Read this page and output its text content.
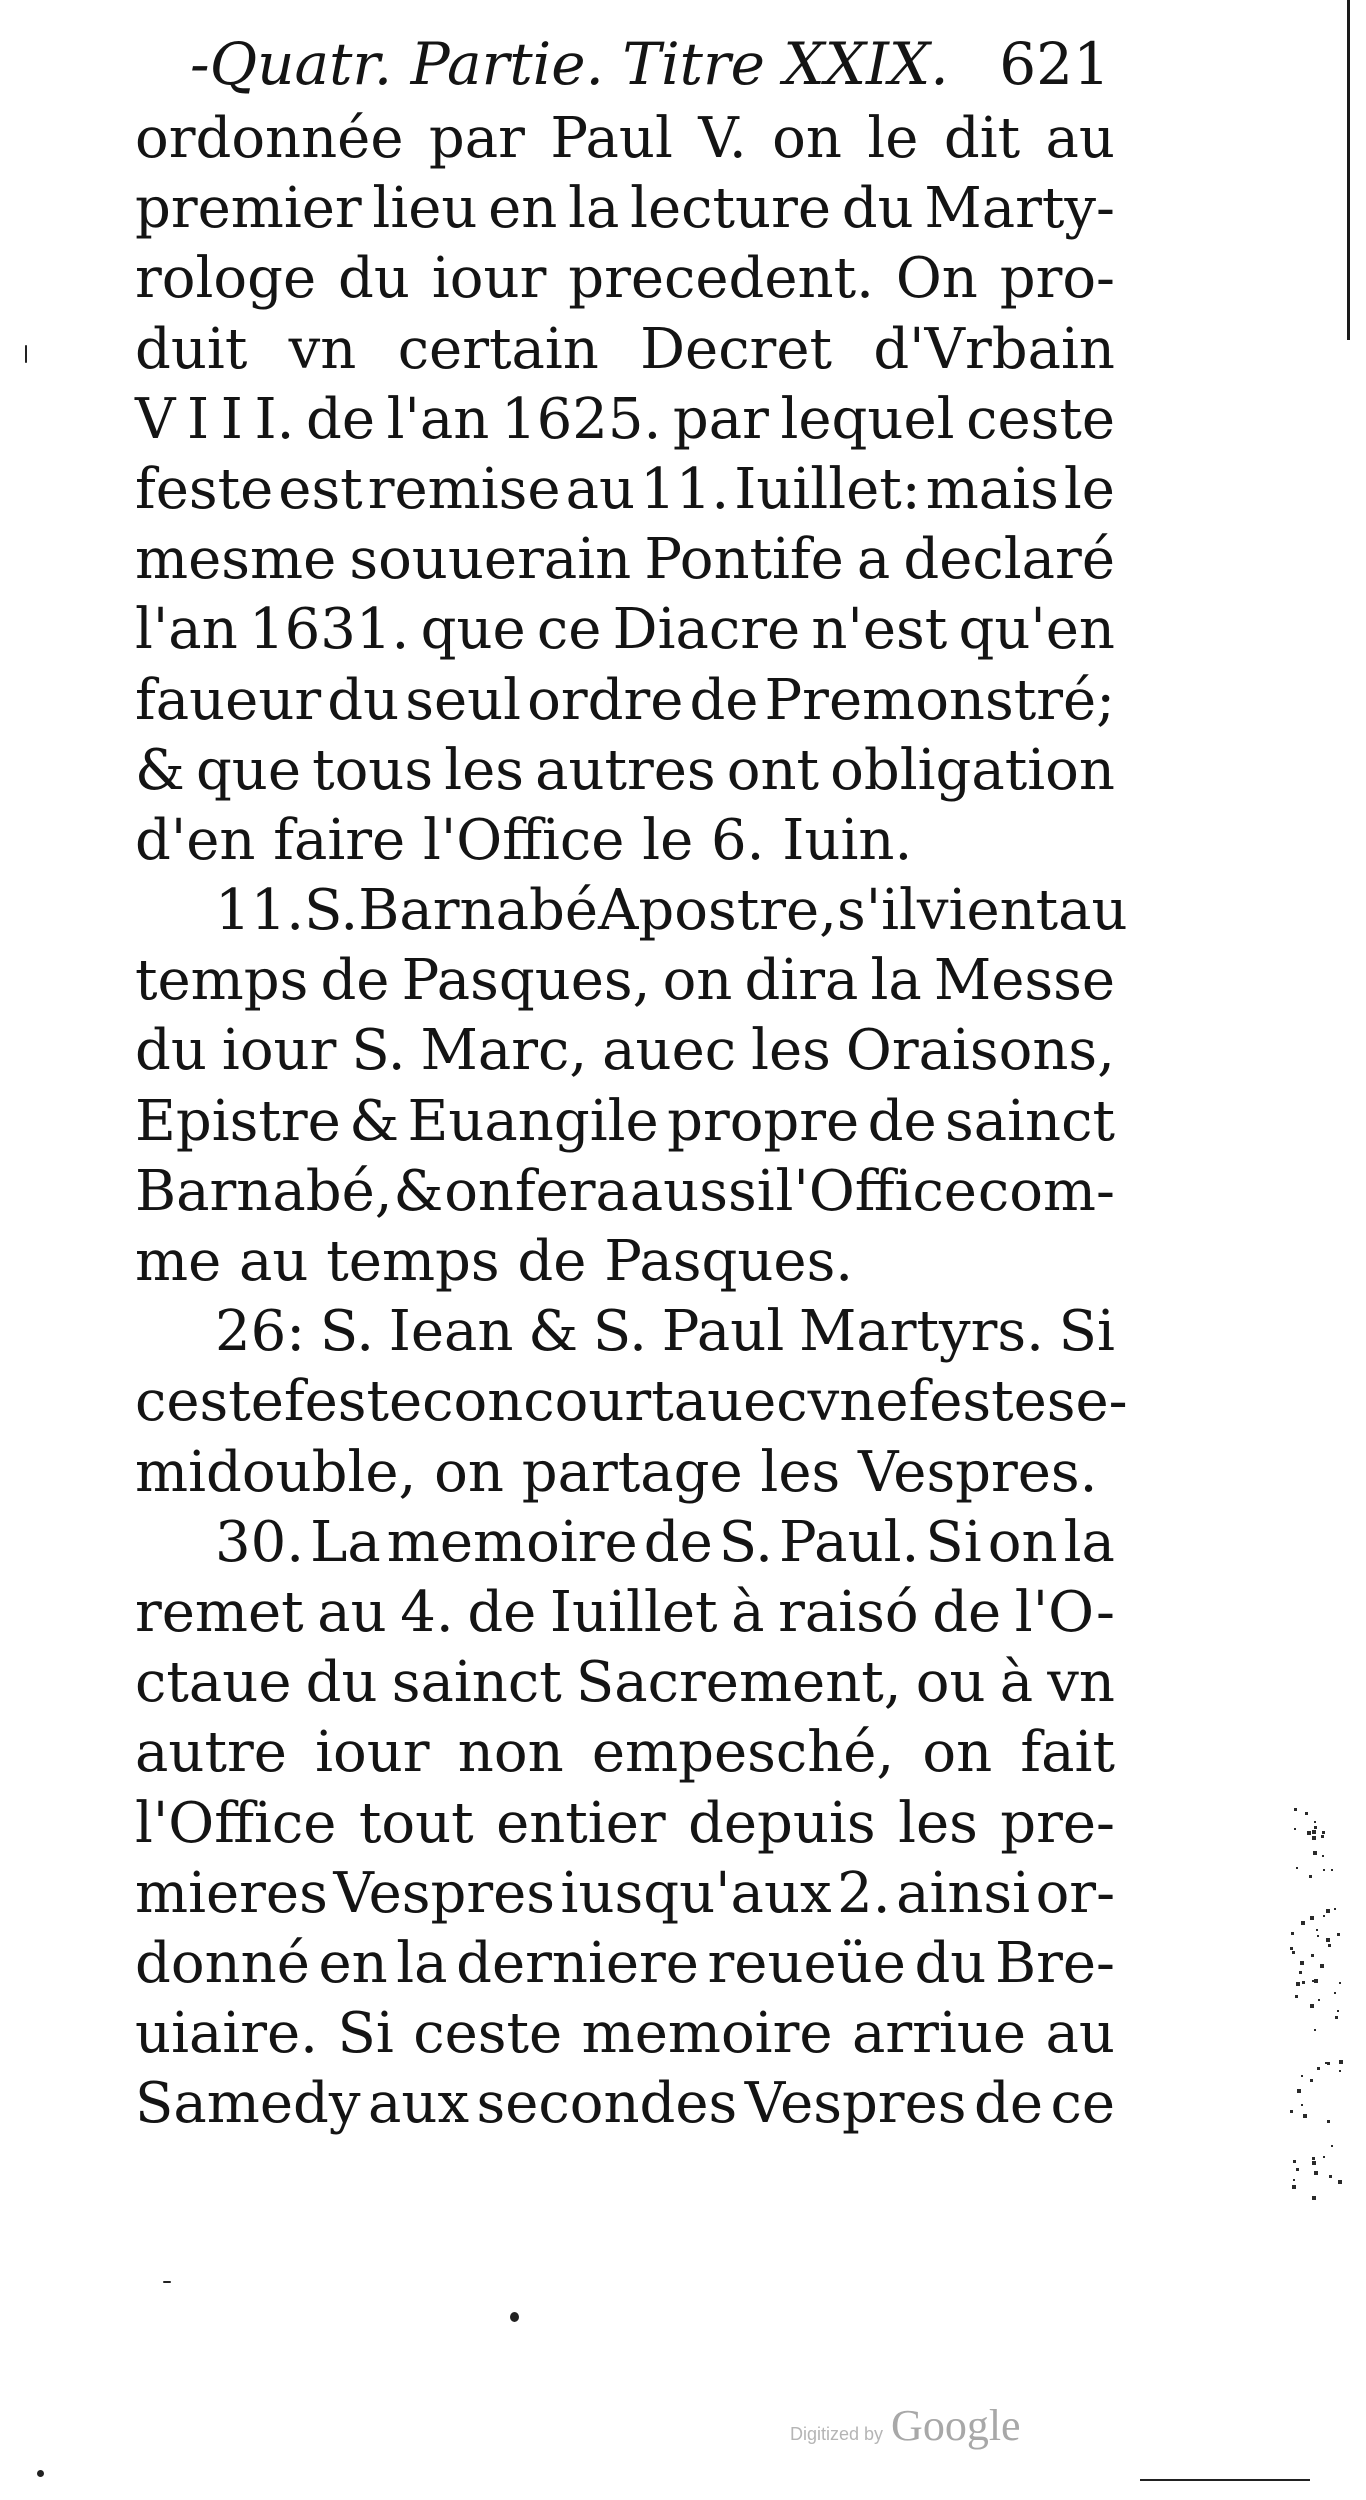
-Quatr. Partie. Titre XXIX. 621
ordonnée par Paul V. on le dit au
premier lieu en la lecture du Marty-
rologe du iour precedent. On pro-
duit vn certain Decret d'Vrbain
V I I I. de l'an 1625. par lequel ceste
feste est remise au 11. Iuillet: mais le
mesme souuerain Pontife a declaré
l'an 1631. que ce Diacre n'est qu'en
faueur du seul ordre de Premonstré;
& que tous les autres ont obligation
d'en faire l'Office le 6. Iuin.
11. S. Barnabé Apostre, s'il vient au
temps de Pasques, on dira la Messe
du iour S. Marc, auec les Oraisons,
Epistre & Euangile propre de sainct
Barnabé, & on fera aussi l'Office com-
me au temps de Pasques.
26: S. Iean & S. Paul Martyrs. Si
ceste feste concourt auec vne feste se-
midouble, on partage les Vespres.
30. La memoire de S. Paul. Si on la
remet au 4. de Iuillet à raisó de l'O-
ctaue du sainct Sacrement, ou à vn
autre iour non empesché, on fait
l'Office tout entier depuis les pre-
mieres Vespres iusqu'aux 2. ainsi or-
donné en la derniere reueüe du Bre-
uiaire. Si ceste memoire arriue au
Samedy aux secondes Vespres de ce
Digitized by Google
